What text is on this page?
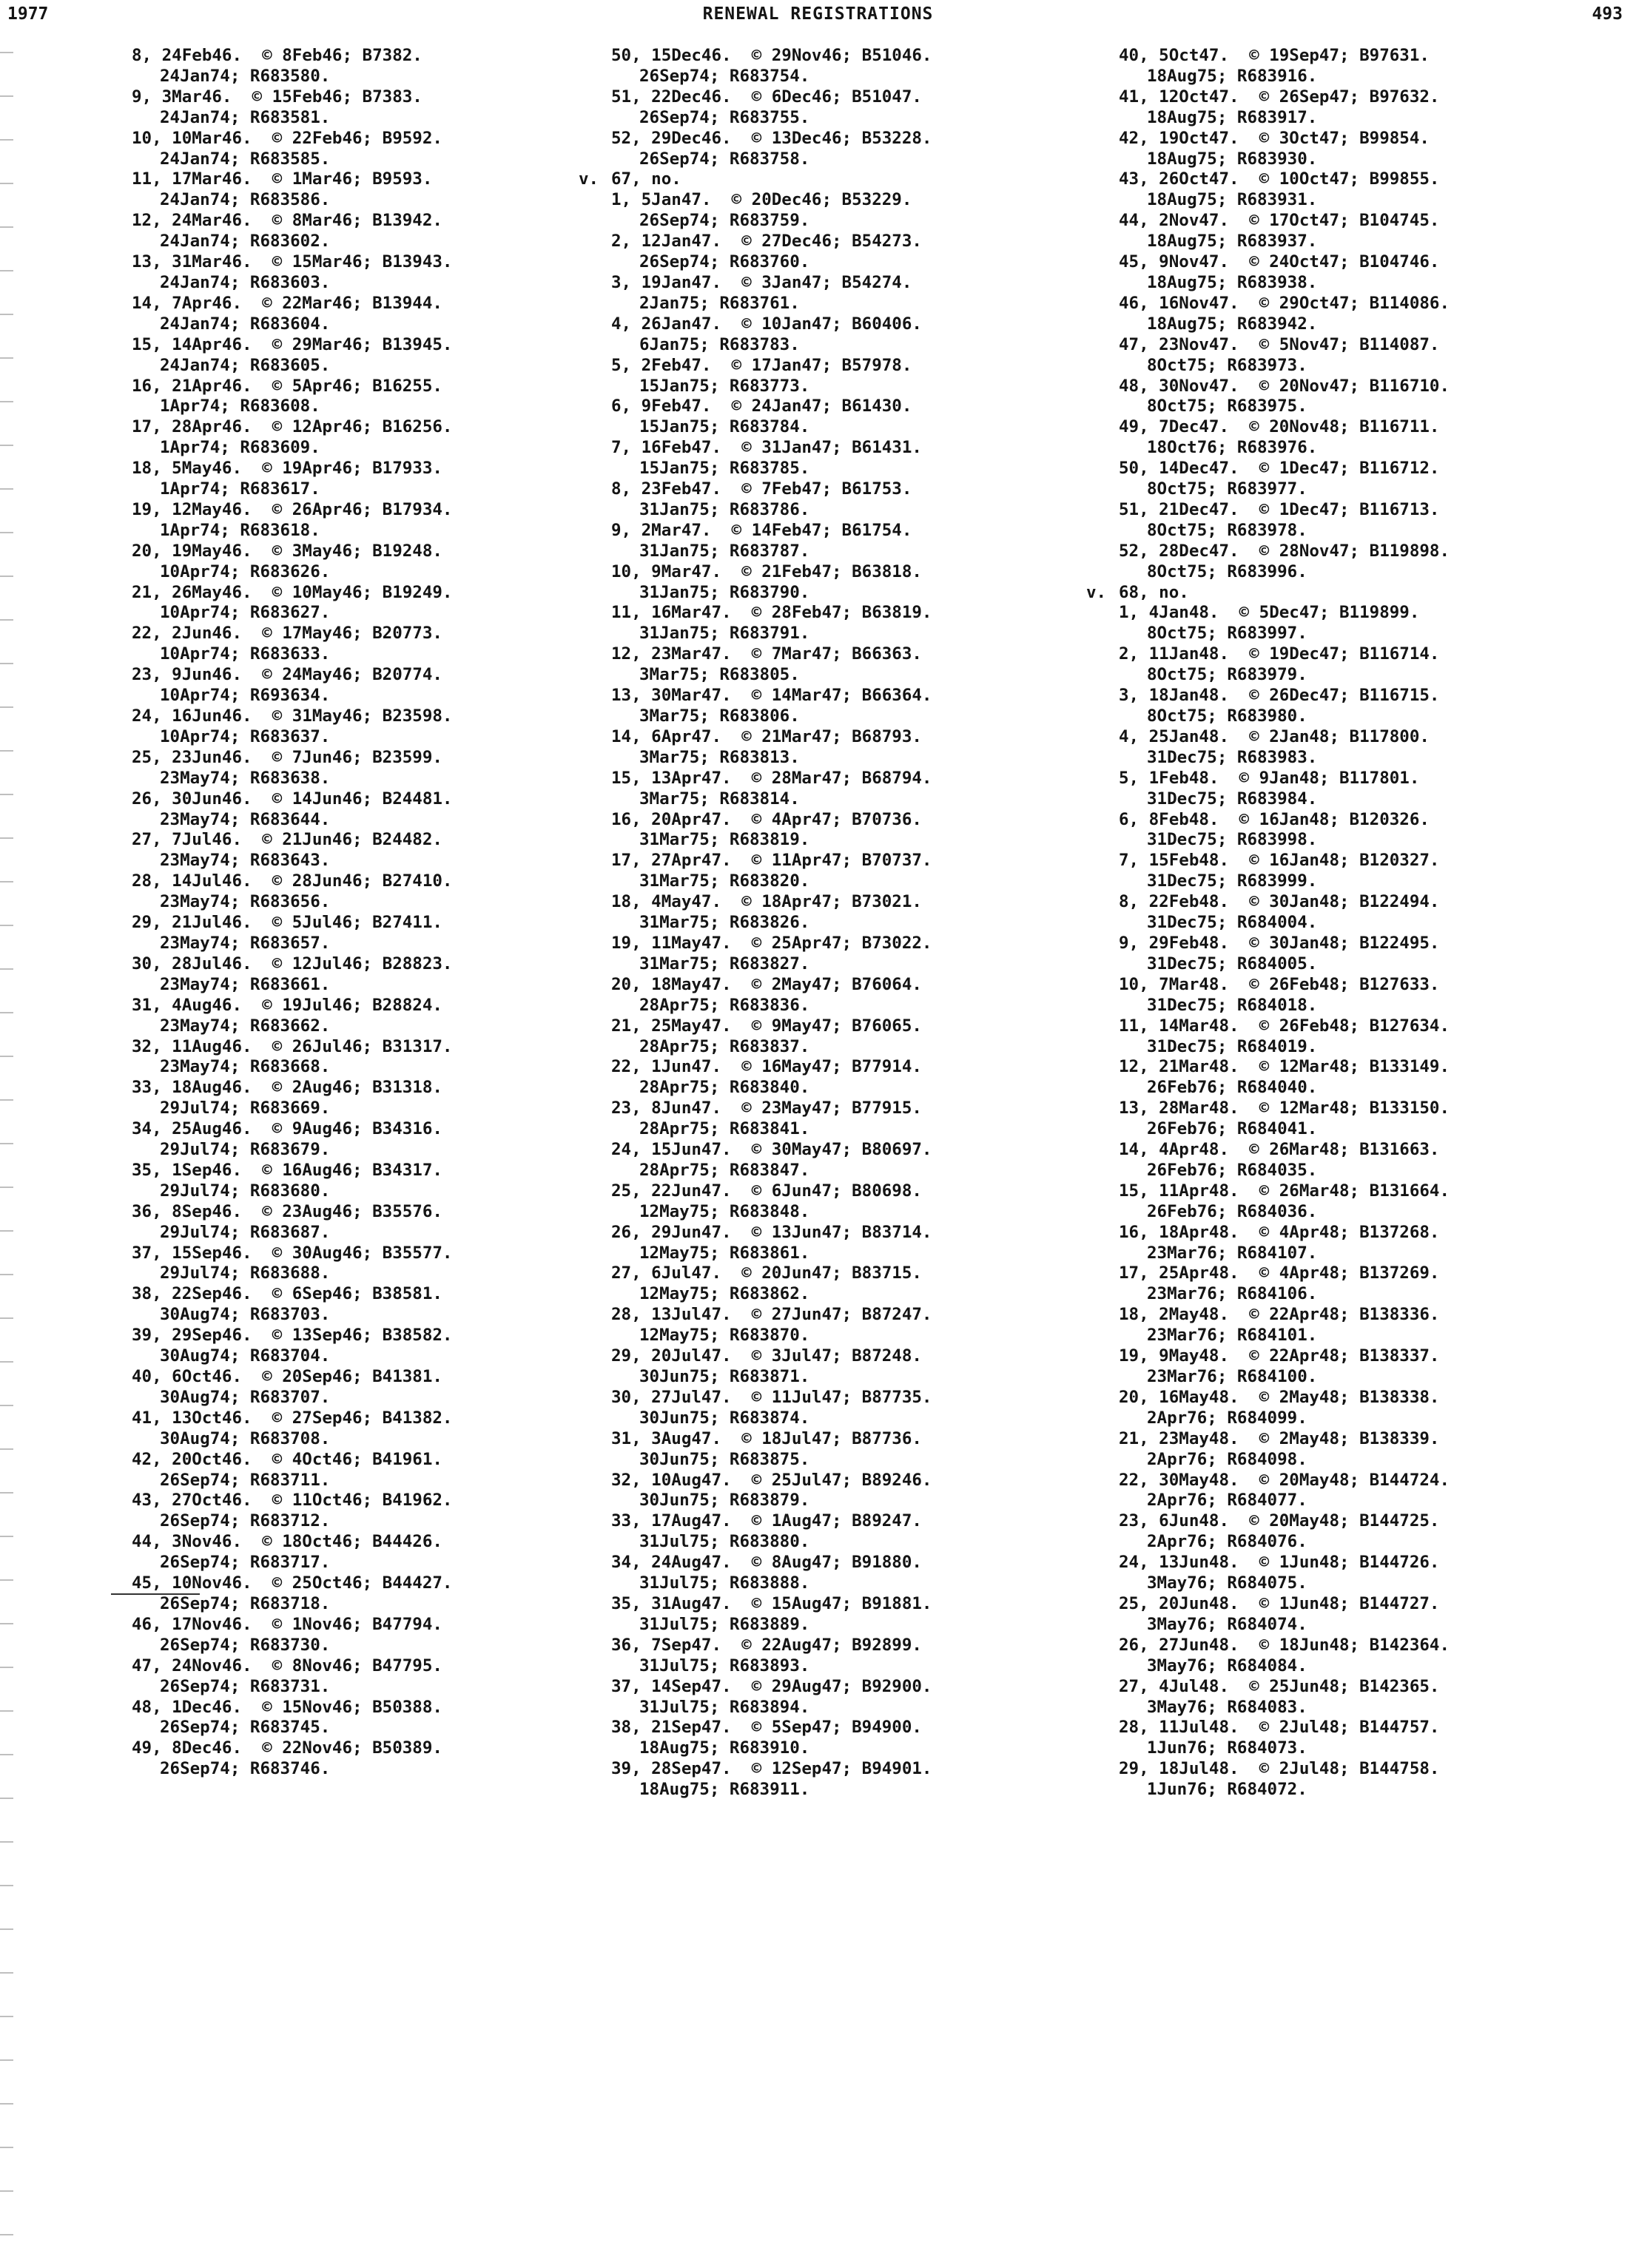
1977	RENEWAL REGISTRATIONS	493
8, 24Feb46.  © 8Feb46; B7382.
24Jan74; R683580.
9, 3Mar46.  © 15Feb46; B7383.
24Jan74; R683581.
10, 10Mar46.  © 22Feb46; B9592.
24Jan74; R683585.
11, 17Mar46.  © 1Mar46; B9593.
24Jan74; R683586.
12, 24Mar46.  © 8Mar46; B13942.
24Jan74; R683602.
13, 31Mar46.  © 15Mar46; B13943.
24Jan74; R683603.
14, 7Apr46.  © 22Mar46; B13944.
24Jan74; R683604.
15, 14Apr46.  © 29Mar46; B13945.
24Jan74; R683605.
16, 21Apr46.  © 5Apr46; B16255.
1Apr74; R683608.
17, 28Apr46.  © 12Apr46; B16256.
1Apr74; R683609.
18, 5May46.  © 19Apr46; B17933.
1Apr74; R683617.
19, 12May46.  © 26Apr46; B17934.
1Apr74; R683618.
20, 19May46.  © 3May46; B19248.
10Apr74; R683626.
21, 26May46.  © 10May46; B19249.
10Apr74; R683627.
22, 2Jun46.  © 17May46; B20773.
10Apr74; R683633.
23, 9Jun46.  © 24May46; B20774.
10Apr74; R693634.
24, 16Jun46.  © 31May46; B23598.
10Apr74; R683637.
25, 23Jun46.  © 7Jun46; B23599.
23May74; R683638.
26, 30Jun46.  © 14Jun46; B24481.
23May74; R683644.
27, 7Jul46.  © 21Jun46; B24482.
23May74; R683643.
28, 14Jul46.  © 28Jun46; B27410.
23May74; R683656.
29, 21Jul46.  © 5Jul46; B27411.
23May74; R683657.
30, 28Jul46.  © 12Jul46; B28823.
23May74; R683661.
31, 4Aug46.  © 19Jul46; B28824.
23May74; R683662.
32, 11Aug46.  © 26Jul46; B31317.
23May74; R683668.
33, 18Aug46.  © 2Aug46; B31318.
29Jul74; R683669.
34, 25Aug46.  © 9Aug46; B34316.
29Jul74; R683679.
35, 1Sep46.  © 16Aug46; B34317.
29Jul74; R683680.
36, 8Sep46.  © 23Aug46; B35576.
29Jul74; R683687.
37, 15Sep46.  © 30Aug46; B35577.
29Jul74; R683688.
38, 22Sep46.  © 6Sep46; B38581.
30Aug74; R683703.
39, 29Sep46.  © 13Sep46; B38582.
30Aug74; R683704.
40, 6Oct46.  © 20Sep46; B41381.
30Aug74; R683707.
41, 13Oct46.  © 27Sep46; B41382.
30Aug74; R683708.
42, 20Oct46.  © 4Oct46; B41961.
26Sep74; R683711.
43, 27Oct46.  © 11Oct46; B41962.
26Sep74; R683712.
44, 3Nov46.  © 18Oct46; B44426.
26Sep74; R683717.
45, 10Nov46.  © 25Oct46; B44427.
26Sep74; R683718.
46, 17Nov46.  © 1Nov46; B47794.
26Sep74; R683730.
47, 24Nov46.  © 8Nov46; B47795.
26Sep74; R683731.
48, 1Dec46.  © 15Nov46; B50388.
26Sep74; R683745.
49, 8Dec46.  © 22Nov46; B50389.
26Sep74; R683746.
50, 15Dec46.  © 29Nov46; B51046.
26Sep74; R683754.
51, 22Dec46.  © 6Dec46; B51047.
26Sep74; R683755.
52, 29Dec46.  © 13Dec46; B53228.
26Sep74; R683758.
v. 67, no.
1, 5Jan47.  © 20Dec46; B53229.
26Sep74; R683759.
2, 12Jan47.  © 27Dec46; B54273.
26Sep74; R683760.
3, 19Jan47.  © 3Jan47; B54274.
2Jan75; R683761.
4, 26Jan47.  © 10Jan47; B60406.
6Jan75; R683783.
5, 2Feb47.  © 17Jan47; B57978.
15Jan75; R683773.
6, 9Feb47.  © 24Jan47; B61430.
15Jan75; R683784.
7, 16Feb47.  © 31Jan47; B61431.
15Jan75; R683785.
8, 23Feb47.  © 7Feb47; B61753.
31Jan75; R683786.
9, 2Mar47.  © 14Feb47; B61754.
31Jan75; R683787.
10, 9Mar47.  © 21Feb47; B63818.
31Jan75; R683790.
11, 16Mar47.  © 28Feb47; B63819.
31Jan75; R683791.
12, 23Mar47.  © 7Mar47; B66363.
3Mar75; R683805.
13, 30Mar47.  © 14Mar47; B66364.
3Mar75; R683806.
14, 6Apr47.  © 21Mar47; B68793.
3Mar75; R683813.
15, 13Apr47.  © 28Mar47; B68794.
3Mar75; R683814.
16, 20Apr47.  © 4Apr47; B70736.
31Mar75; R683819.
17, 27Apr47.  © 11Apr47; B70737.
31Mar75; R683820.
18, 4May47.  © 18Apr47; B73021.
31Mar75; R683826.
19, 11May47.  © 25Apr47; B73022.
31Mar75; R683827.
20, 18May47.  © 2May47; B76064.
28Apr75; R683836.
21, 25May47.  © 9May47; B76065.
28Apr75; R683837.
22, 1Jun47.  © 16May47; B77914.
28Apr75; R683840.
23, 8Jun47.  © 23May47; B77915.
28Apr75; R683841.
24, 15Jun47.  © 30May47; B80697.
28Apr75; R683847.
25, 22Jun47.  © 6Jun47; B80698.
12May75; R683848.
26, 29Jun47.  © 13Jun47; B83714.
12May75; R683861.
27, 6Jul47.  © 20Jun47; B83715.
12May75; R683862.
28, 13Jul47.  © 27Jun47; B87247.
12May75; R683870.
29, 20Jul47.  © 3Jul47; B87248.
30Jun75; R683871.
30, 27Jul47.  © 11Jul47; B87735.
30Jun75; R683874.
31, 3Aug47.  © 18Jul47; B87736.
30Jun75; R683875.
32, 10Aug47.  © 25Jul47; B89246.
30Jun75; R683879.
33, 17Aug47.  © 1Aug47; B89247.
31Jul75; R683880.
34, 24Aug47.  © 8Aug47; B91880.
31Jul75; R683888.
35, 31Aug47.  © 15Aug47; B91881.
31Jul75; R683889.
36, 7Sep47.  © 22Aug47; B92899.
31Jul75; R683893.
37, 14Sep47.  © 29Aug47; B92900.
31Jul75; R683894.
38, 21Sep47.  © 5Sep47; B94900.
18Aug75; R683910.
39, 28Sep47.  © 12Sep47; B94901.
18Aug75; R683911.
40, 5Oct47.  © 19Sep47; B97631.
18Aug75; R683916.
41, 12Oct47.  © 26Sep47; B97632.
18Aug75; R683917.
42, 19Oct47.  © 3Oct47; B99854.
18Aug75; R683930.
43, 26Oct47.  © 10Oct47; B99855.
18Aug75; R683931.
44, 2Nov47.  © 17Oct47; B104745.
18Aug75; R683937.
45, 9Nov47.  © 24Oct47; B104746.
18Aug75; R683938.
46, 16Nov47.  © 29Oct47; B114086.
18Aug75; R683942.
47, 23Nov47.  © 5Nov47; B114087.
8Oct75; R683973.
48, 30Nov47.  © 20Nov47; B116710.
8Oct75; R683975.
49, 7Dec47.  © 20Nov48; B116711.
18Oct76; R683976.
50, 14Dec47.  © 1Dec47; B116712.
8Oct75; R683977.
51, 21Dec47.  © 1Dec47; B116713.
8Oct75; R683978.
52, 28Dec47.  © 28Nov47; B119898.
8Oct75; R683996.
v. 68, no.
1, 4Jan48.  © 5Dec47; B119899.
8Oct75; R683997.
2, 11Jan48.  © 19Dec47; B116714.
8Oct75; R683979.
3, 18Jan48.  © 26Dec47; B116715.
8Oct75; R683980.
4, 25Jan48.  © 2Jan48; B117800.
31Dec75; R683983.
5, 1Feb48.  © 9Jan48; B117801.
31Dec75; R683984.
6, 8Feb48.  © 16Jan48; B120326.
31Dec75; R683998.
7, 15Feb48.  © 16Jan48; B120327.
31Dec75; R683999.
8, 22Feb48.  © 30Jan48; B122494.
31Dec75; R684004.
9, 29Feb48.  © 30Jan48; B122495.
31Dec75; R684005.
10, 7Mar48.  © 26Feb48; B127633.
31Dec75; R684018.
11, 14Mar48.  © 26Feb48; B127634.
31Dec75; R684019.
12, 21Mar48.  © 12Mar48; B133149.
26Feb76; R684040.
13, 28Mar48.  © 12Mar48; B133150.
26Feb76; R684041.
14, 4Apr48.  © 26Mar48; B131663.
26Feb76; R684035.
15, 11Apr48.  © 26Mar48; B131664.
26Feb76; R684036.
16, 18Apr48.  © 4Apr48; B137268.
23Mar76; R684107.
17, 25Apr48.  © 4Apr48; B137269.
23Mar76; R684106.
18, 2May48.  © 22Apr48; B138336.
23Mar76; R684101.
19, 9May48.  © 22Apr48; B138337.
23Mar76; R684100.
20, 16May48.  © 2May48; B138338.
2Apr76; R684099.
21, 23May48.  © 2May48; B138339.
2Apr76; R684098.
22, 30May48.  © 20May48; B144724.
2Apr76; R684077.
23, 6Jun48.  © 20May48; B144725.
2Apr76; R684076.
24, 13Jun48.  © 1Jun48; B144726.
3May76; R684075.
25, 20Jun48.  © 1Jun48; B144727.
3May76; R684074.
26, 27Jun48.  © 18Jun48; B142364.
3May76; R684084.
27, 4Jul48.  © 25Jun48; B142365.
3May76; R684083.
28, 11Jul48.  © 2Jul48; B144757.
1Jun76; R684073.
29, 18Jul48.  © 2Jul48; B144758.
1Jun76; R684072.
